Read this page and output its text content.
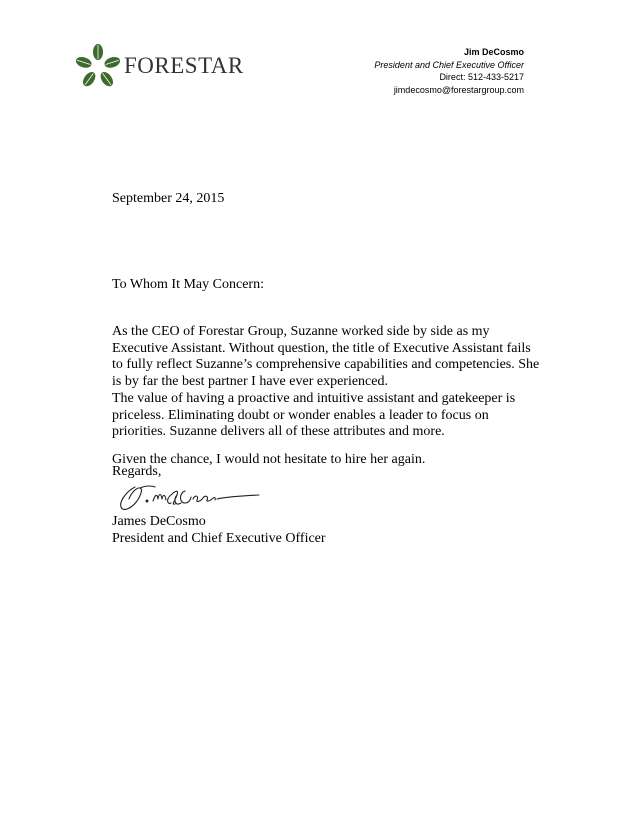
FORESTAR
Jim DeCosmo
President and Chief Executive Officer
Direct: 512-433-5217
jimdecosmo@forestargroup.com
September 24, 2015
To Whom It May Concern:

As the CEO of Forestar Group, Suzanne worked side by side as my Executive Assistant. Without question, the title of Executive Assistant fails to fully reflect Suzanne’s comprehensive capabilities and competencies. She is by far the best partner I have ever experienced.

The value of having a proactive and intuitive assistant and gatekeeper is priceless. Eliminating doubt or wonder enables a leader to focus on priorities. Suzanne delivers all of these attributes and more.

Given the chance, I would not hesitate to hire her again.

Regards,
James DeCosmo
President and Chief Executive Officer
